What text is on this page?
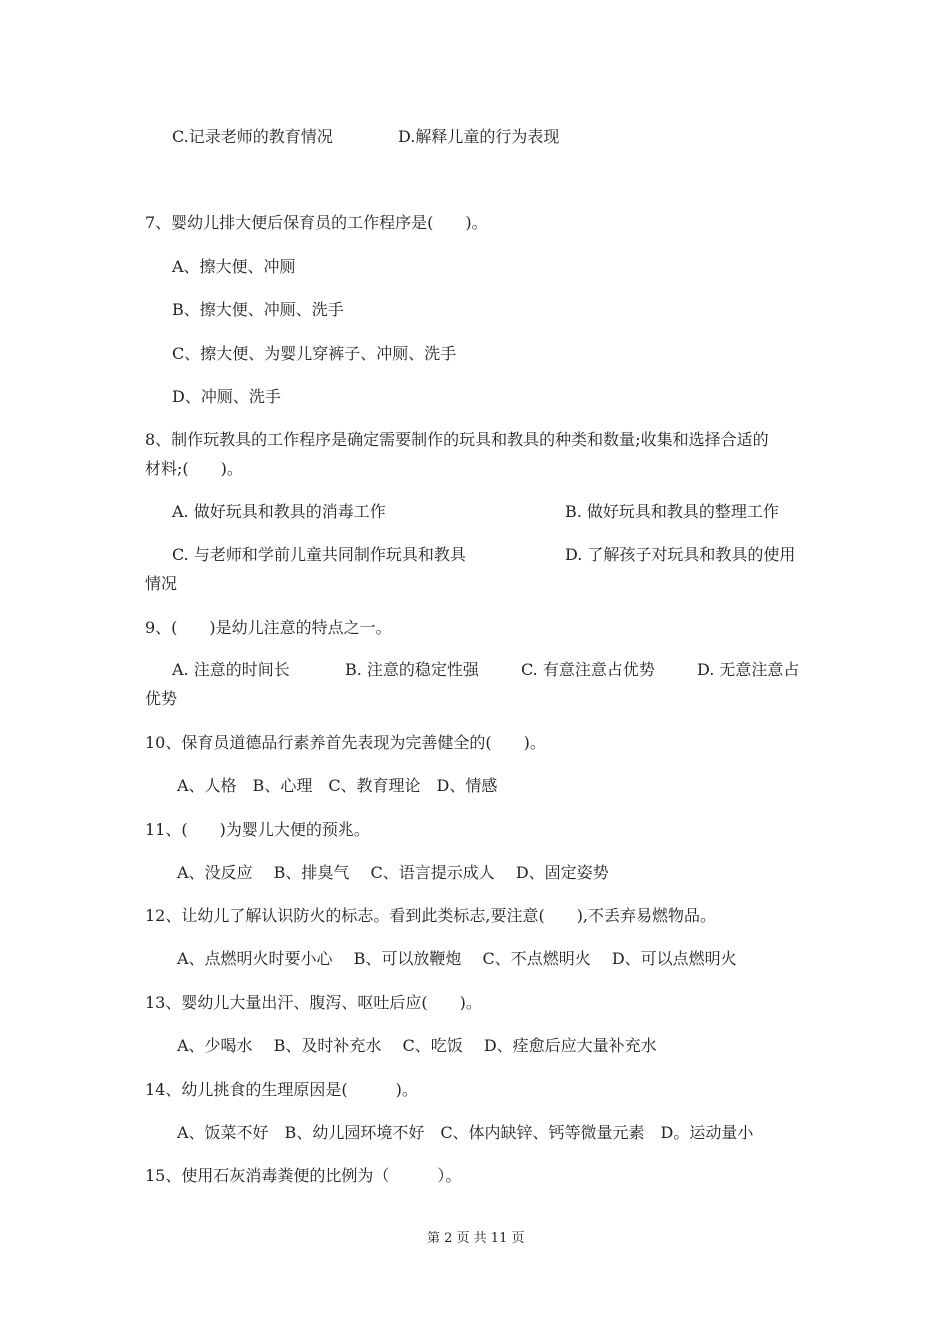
C.记录老师的教育情况	D.解释儿童的行为表现
7、婴幼儿排大便后保育员的工作程序是(　　)。
A、擦大便、冲厕
B、擦大便、冲厕、洗手
C、擦大便、为婴儿穿裤子、冲厕、洗手
D、冲厕、洗手
8、制作玩教具的工作程序是确定需要制作的玩具和教具的种类和数量;收集和选择合适的
材料;(　　)。
A. 做好玩具和教具的消毒工作	B. 做好玩具和教具的整理工作
C. 与老师和学前儿童共同制作玩具和教具	D. 了解孩子对玩具和教具的使用
情况
9、(　　)是幼儿注意的特点之一。
A. 注意的时间长	B. 注意的稳定性强	C. 有意注意占优势	D. 无意注意占
优势
10、保育员道德品行素养首先表现为完善健全的(　　)。
A、人格　B、心理　C、教育理论　D、情感
11、(　　)为婴儿大便的预兆。
A、没反应　 B、排臭气　 C、语言提示成人　 D、固定姿势
12、让幼儿了解认识防火的标志。看到此类标志,要注意(　　),不丢弃易燃物品。
A、点燃明火时要小心　 B、可以放鞭炮　 C、不点燃明火　 D、可以点燃明火
13、婴幼儿大量出汗、腹泻、呕吐后应(　　)。
A、少喝水　 B、及时补充水　 C、吃饭　 D、痊愈后应大量补充水
14、幼儿挑食的生理原因是(　　　)。
A、饭菜不好　B、幼儿园环境不好　C、体内缺锌、钙等微量元素　D。运动量小
15、使用石灰消毒粪便的比例为（　　　）。
第 2 页 共 11 页
